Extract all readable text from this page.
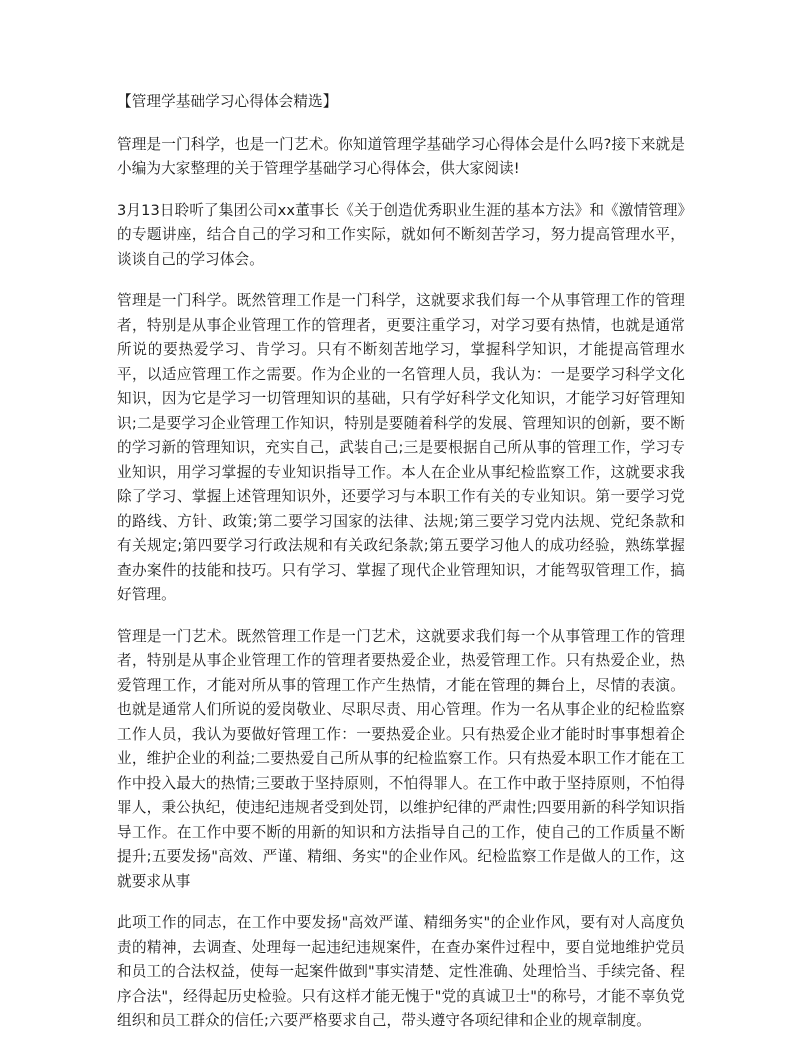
【管理学基础学习心得体会精选】

管理是一门科学，也是一门艺术。你知道管理学基础学习心得体会是什么吗?接下来就是小编为大家整理的关于管理学基础学习心得体会，供大家阅读!

3月13日聆听了集团公司xx董事长《关于创造优秀职业生涯的基本方法》和《激情管理》的专题讲座，结合自己的学习和工作实际，就如何不断刻苦学习，努力提高管理水平，谈谈自己的学习体会。

管理是一门科学。既然管理工作是一门科学，这就要求我们每一个从事管理工作的管理者，特别是从事企业管理工作的管理者，更要注重学习，对学习要有热情，也就是通常所说的要热爱学习、肯学习。只有不断刻苦地学习，掌握科学知识，才能提高管理水平，以适应管理工作之需要。作为企业的一名管理人员，我认为：一是要学习科学文化知识，因为它是学习一切管理知识的基础，只有学好科学文化知识，才能学习好管理知识;二是要学习企业管理工作知识，特别是要随着科学的发展、管理知识的创新，要不断的学习新的管理知识，充实自己，武装自己;三是要根据自己所从事的管理工作，学习专业知识，用学习掌握的专业知识指导工作。本人在企业从事纪检监察工作，这就要求我除了学习、掌握上述管理知识外，还要学习与本职工作有关的专业知识。第一要学习党的路线、方针、政策;第二要学习国家的法律、法规;第三要学习党内法规、党纪条款和有关规定;第四要学习行政法规和有关政纪条款;第五要学习他人的成功经验，熟练掌握查办案件的技能和技巧。只有学习、掌握了现代企业管理知识，才能驾驭管理工作，搞好管理。

管理是一门艺术。既然管理工作是一门艺术，这就要求我们每一个从事管理工作的管理者，特别是从事企业管理工作的管理者要热爱企业，热爱管理工作。只有热爱企业，热爱管理工作，才能对所从事的管理工作产生热情，才能在管理的舞台上，尽情的表演。也就是通常人们所说的爱岗敬业、尽职尽责、用心管理。作为一名从事企业的纪检监察工作人员，我认为要做好管理工作：一要热爱企业。只有热爱企业才能时时事事想着企业，维护企业的利益;二要热爱自己所从事的纪检监察工作。只有热爱本职工作才能在工作中投入最大的热情;三要敢于坚持原则，不怕得罪人。在工作中敢于坚持原则，不怕得罪人，秉公执纪，使违纪违规者受到处罚，以维护纪律的严肃性;四要用新的科学知识指导工作。在工作中要不断的用新的知识和方法指导自己的工作，使自己的工作质量不断提升;五要发扬"高效、严谨、精细、务实"的企业作风。纪检监察工作是做人的工作，这就要求从事

此项工作的同志，在工作中要发扬"高效严谨、精细务实"的企业作风，要有对人高度负责的精神，去调查、处理每一起违纪违规案件，在查办案件过程中，要自觉地维护党员和员工的合法权益，使每一起案件做到"事实清楚、定性准确、处理恰当、手续完备、程序合法"，经得起历史检验。只有这样才能无愧于"党的真诚卫士"的称号，才能不辜负党组织和员工群众的信任;六要严格要求自己，带头遵守各项纪律和企业的规章制度。
